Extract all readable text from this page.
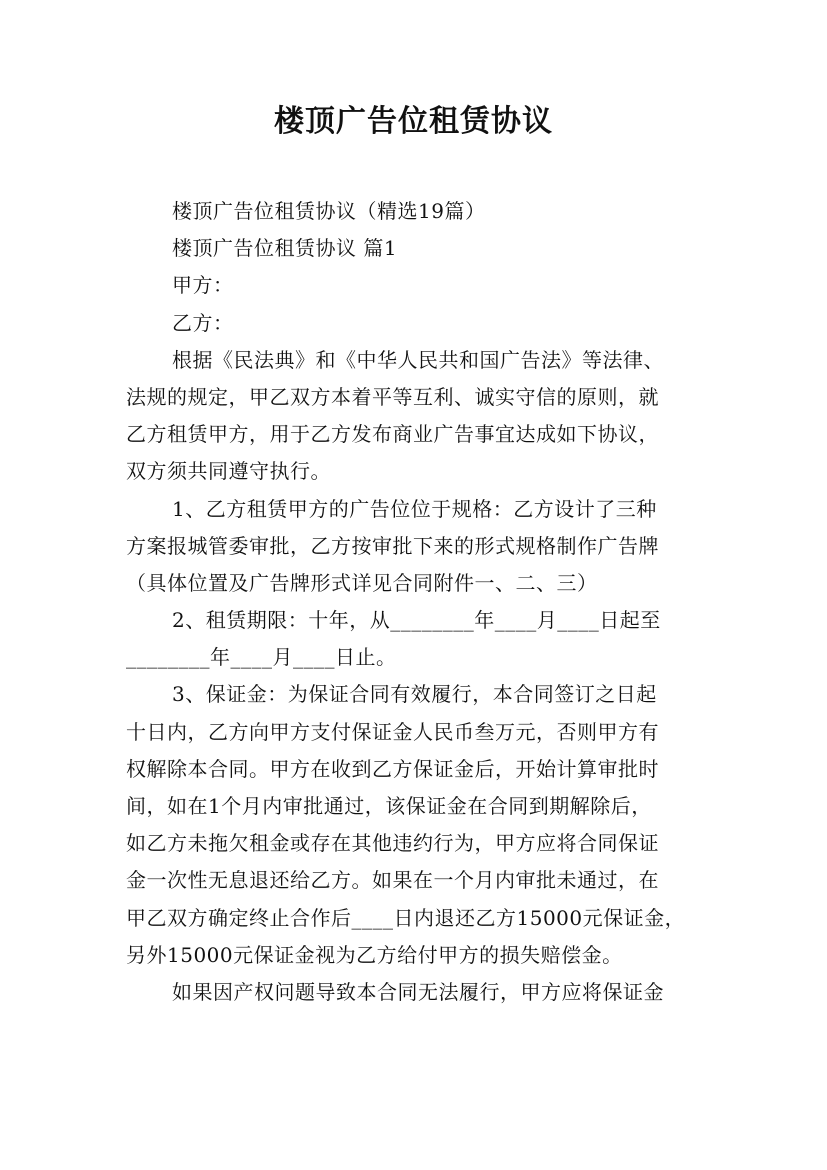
楼顶广告位租赁协议
楼顶广告位租赁协议（精选19篇）
楼顶广告位租赁协议 篇1
甲方：
乙方：
根据《民法典》和《中华人民共和国广告法》等法律、
法规的规定，甲乙双方本着平等互利、诚实守信的原则，就
乙方租赁甲方，用于乙方发布商业广告事宜达成如下协议，
双方须共同遵守执行。
1、乙方租赁甲方的广告位位于规格：乙方设计了三种
方案报城管委审批，乙方按审批下来的形式规格制作广告牌
（具体位置及广告牌形式详见合同附件一、二、三）
2、租赁期限：十年，从________年____月____日起至
________年____月____日止。
3、保证金：为保证合同有效履行，本合同签订之日起
十日内，乙方向甲方支付保证金人民币叁万元，否则甲方有
权解除本合同。甲方在收到乙方保证金后，开始计算审批时
间，如在1个月内审批通过，该保证金在合同到期解除后，
如乙方未拖欠租金或存在其他违约行为，甲方应将合同保证
金一次性无息退还给乙方。如果在一个月内审批未通过，在
甲乙双方确定终止合作后____日内退还乙方15000元保证金，
另外15000元保证金视为乙方给付甲方的损失赔偿金。
如果因产权问题导致本合同无法履行，甲方应将保证金
